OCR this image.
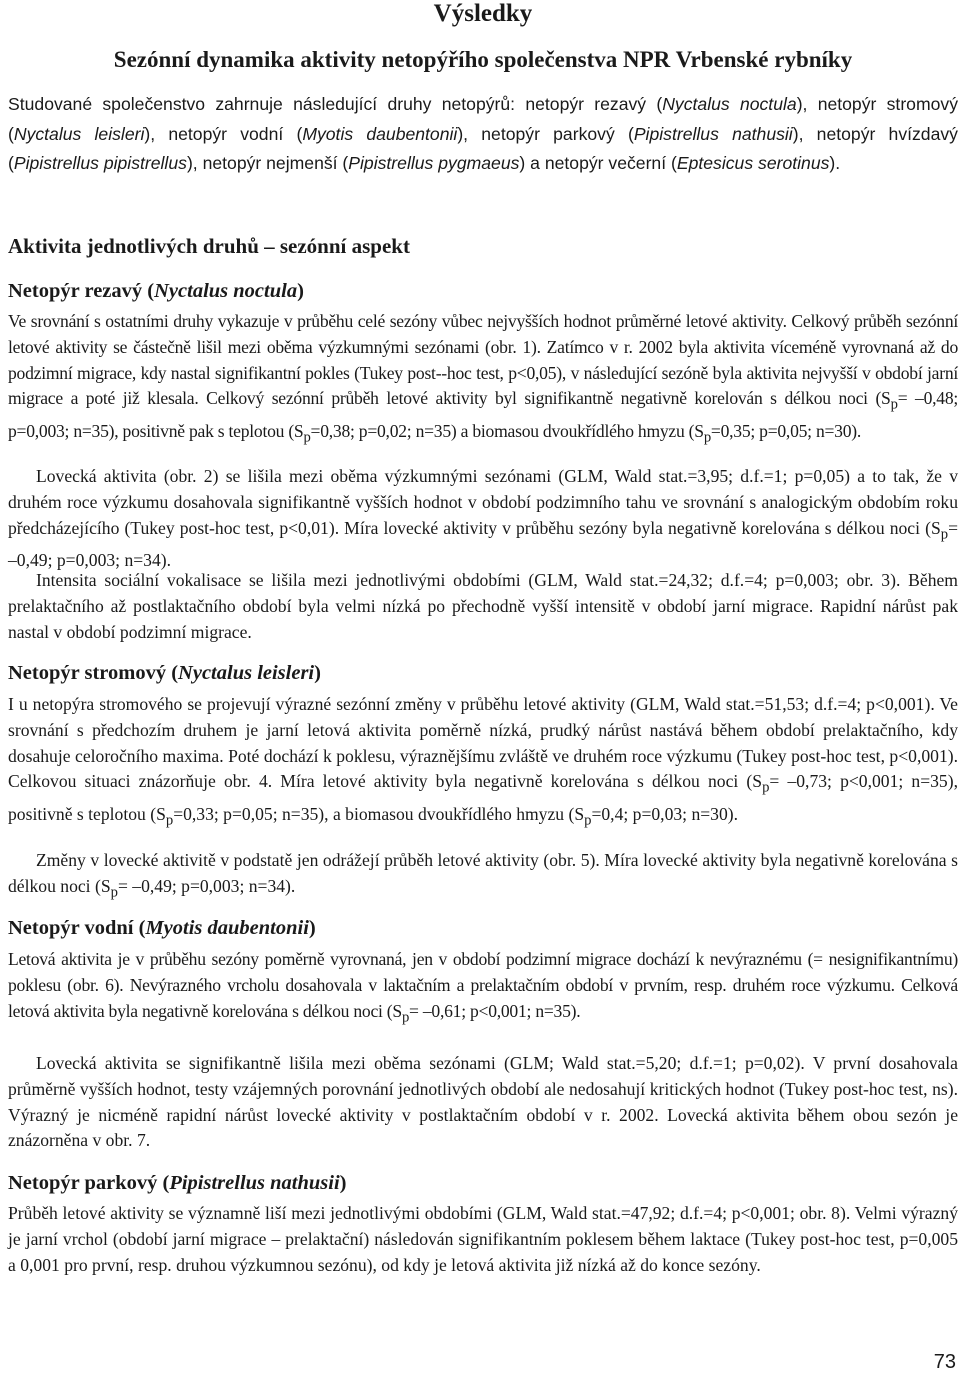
Výsledky
Sezónní dynamika aktivity netopýřího společenstva NPR Vrbenské rybníky

Studované společenstvo zahrnuje následující druhy netopýrů: netopýr rezavý (Nyctalus noctula), netopýr stromový (Nyctalus leisleri), netopýr vodní (Myotis daubentonii), netopýr parkový (Pipistrellus nathusii), netopýr hvízdavý (Pipistrellus pipistrellus), netopýr nejmenší (Pipistrellus pygmaeus) a netopýr večerní (Eptesicus serotinus).

Aktivita jednotlivých druhů – sezónní aspekt
Netopýr rezavý (Nyctalus noctula)

Ve srovnání s ostatními druhy vykazuje v průběhu celé sezóny vůbec nejvyšších hodnot průměrné letové aktivity. Celkový průběh sezónní letové aktivity se částečně lišil mezi oběma výzkumnými sezónami (obr. 1). Zatímco v r. 2002 byla aktivita víceméně vyrovnaná až do podzimní migrace, kdy nastal signifikantní pokles (Tukey post--hoc test, p<0,05), v následující sezóně byla aktivita nejvyšší v období jarní migrace a poté již klesala. Celkový sezónní průběh letové aktivity byl signifikantně negativně korelován s délkou noci ($S_p= -0,48$; p=0,003; n=35), positivně pak s teplotou ($S_p=0,38$; p=0,02; n=35) a biomasou dvoukřídlého hmyzu ($S_p=0,35$; p=0,05; n=30).

Lovecká aktivita (obr. 2) se lišila mezi oběma výzkumnými sezónami (GLM, Wald stat.=3,95; d.f.=1; p=0,05) a to tak, že v druhém roce výzkumu dosahovala signifikantně vyšších hodnot v období podzimního tahu ve srovnání s analogickým obdobím roku předcházejícího (Tukey post-hoc test, p<0,01). Míra lovecké aktivity v průběhu sezóny byla negativně korelována s délkou noci ($S_p= -0,49$; p=0,003; n=34).

Intensita sociální vokalisace se lišila mezi jednotlivými obdobími (GLM, Wald stat.=24,32; d.f.=4; p=0,003; obr. 3). Během prelaktačního až postlaktačního období byla velmi nízká po přechodně vyšší intensitě v období jarní migrace. Rapidní nárůst pak nastal v období podzimní migrace.

Netopýr stromový (Nyctalus leisleri)

I u netopýra stromového se projevují výrazné sezónní změny v průběhu letové aktivity (GLM, Wald stat.=51,53; d.f.=4; p<0,001). Ve srovnání s předchozím druhem je jarní letová aktivita poměrně nízká, prudký nárůst nastává během období prelaktačního, kdy dosahuje celoročního maxima. Poté dochází k poklesu, výraznějšímu zvláště ve druhém roce výzkumu (Tukey post-hoc test, p<0,001). Celkovou situaci znázorňuje obr. 4. Míra letové aktivity byla negativně korelována s délkou noci ($S_p= -0,73$; p<0,001; n=35), positivně s teplotou ($S_p=0,33$; p=0,05; n=35), a biomasou dvoukřídlého hmyzu ($S_p=0,4$; p=0,03; n=30).

Změny v lovecké aktivitě v podstatě jen odrážejí průběh letové aktivity (obr. 5). Míra lovecké aktivity byla negativně korelována s délkou noci ($S_p= -0,49$; p=0,003; n=34).

Netopýr vodní (Myotis daubentonii)

Letová aktivita je v průběhu sezóny poměrně vyrovnaná, jen v období podzimní migrace dochází k nevýraznému (= nesignifikantnímu) poklesu (obr. 6). Nevýrazného vrcholu dosahovala v laktačním a prelaktačním období v prvním, resp. druhém roce výzkumu. Celková letová aktivita byla negativně korelována s délkou noci ($S_p= -0,61$; p<0,001; n=35).

Lovecká aktivita se signifikantně lišila mezi oběma sezónami (GLM; Wald stat.=5,20; d.f.=1; p=0,02). V první dosahovala průměrně vyšších hodnot, testy vzájemných porovnání jednotlivých období ale nedosahují kritických hodnot (Tukey post-hoc test, ns). Výrazný je nicméně rapidní nárůst lovecké aktivity v postlaktačním období v r. 2002. Lovecká aktivita během obou sezón je znázorněna v obr. 7.

Netopýr parkový (Pipistrellus nathusii)

Průběh letové aktivity se významně liší mezi jednotlivými obdobími (GLM, Wald stat.=47,92; d.f.=4; p<0,001; obr. 8). Velmi výrazný je jarní vrchol (období jarní migrace – prelaktační) následován signifikantním poklesem během laktace (Tukey post-hoc test, p=0,005 a 0,001 pro první, resp. druhou výzkumnou sezónu), od kdy je letová aktivita již nízká až do konce sezóny.

73
